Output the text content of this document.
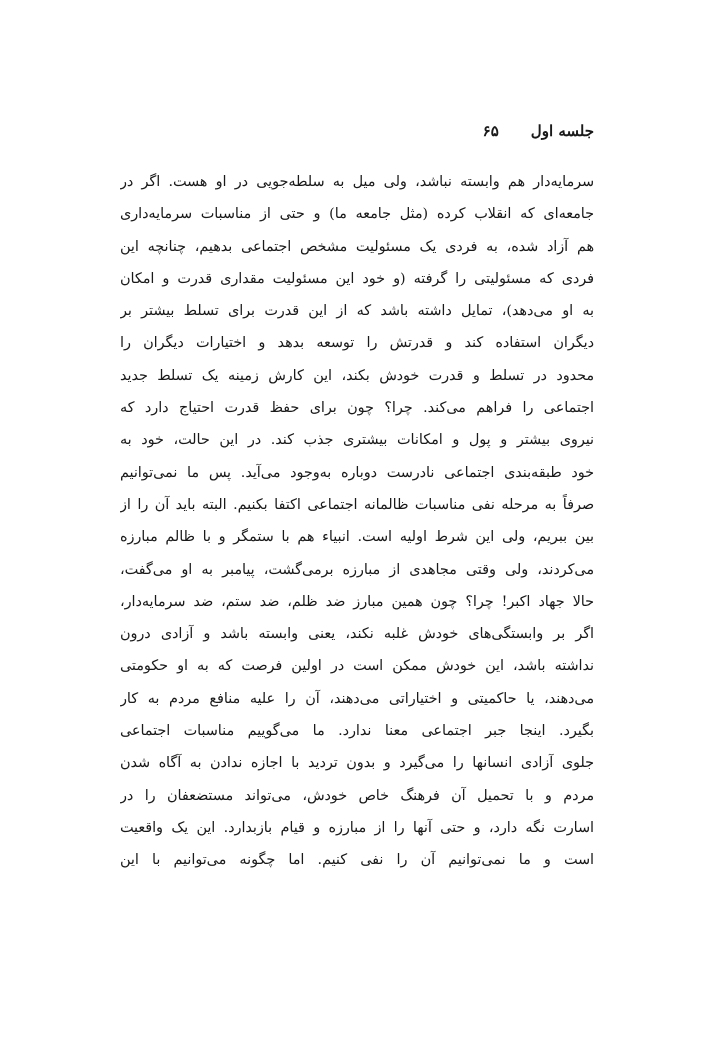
جلسه اول
۶۵
سرمایه‌دار هم وابسته نباشد، ولی میل به سلطه‌جویی در او هست. اگر در
جامعه‌ای که انقلاب کرده (مثل جامعه ما) و حتی از مناسبات سرمایه‌داری
هم آزاد شده، به فردی یک مسئولیت مشخص اجتماعی بدهیم، چنانچه این
فردی که مسئولیتی را گرفته (و خود این مسئولیت مقداری قدرت و امکان
به او می‌دهد)، تمایل داشته باشد که از این قدرت برای تسلط بیشتر بر
دیگران استفاده کند و قدرتش را توسعه بدهد و اختیارات دیگران را
محدود در تسلط و قدرت خودش بکند، این کارش زمینه یک تسلط جدید
اجتماعی را فراهم می‌کند. چرا؟ چون برای حفظ قدرت احتیاج دارد که
نیروی بیشتر و پول و امکانات بیشتری جذب کند. در این حالت، خود به
خود طبقه‌بندی اجتماعی نادرست دوباره به‌وجود می‌آید. پس ما نمی‌توانیم
صرفاً به مرحله نفی مناسبات ظالمانه اجتماعی اکتفا بکنیم. البته باید آن را از
بین ببریم، ولی این شرط اولیه است. انبیاء هم با ستمگر و با ظالم مبارزه
می‌کردند، ولی وقتی مجاهدی از مبارزه برمی‌گشت، پیامبر به او می‌گفت،
حالا جهاد اکبر! چرا؟ چون همین مبارز ضد ظلم، ضد ستم، ضد سرمایه‌دار،
اگر بر وابستگی‌های خودش غلبه نکند، یعنی وابسته باشد و آزادی درون
نداشته باشد، این خودش ممکن است در اولین فرصت که به او حکومتی
می‌دهند، یا حاکمیتی و اختیاراتی می‌دهند، آن را علیه منافع مردم به کار
بگیرد. اینجا جبر اجتماعی معنا ندارد. ما می‌گوییم مناسبات اجتماعی
جلوی آزادی انسانها را می‌گیرد و بدون تردید با اجازه ندادن به آگاه شدن
مردم و با تحمیل آن فرهنگ خاص خودش، می‌تواند مستضعفان را در
اسارت نگه دارد، و حتی آنها را از مبارزه و قیام بازبدارد. این یک واقعیت
است و ما نمی‌توانیم آن را نفی کنیم. اما چگونه می‌توانیم با این
